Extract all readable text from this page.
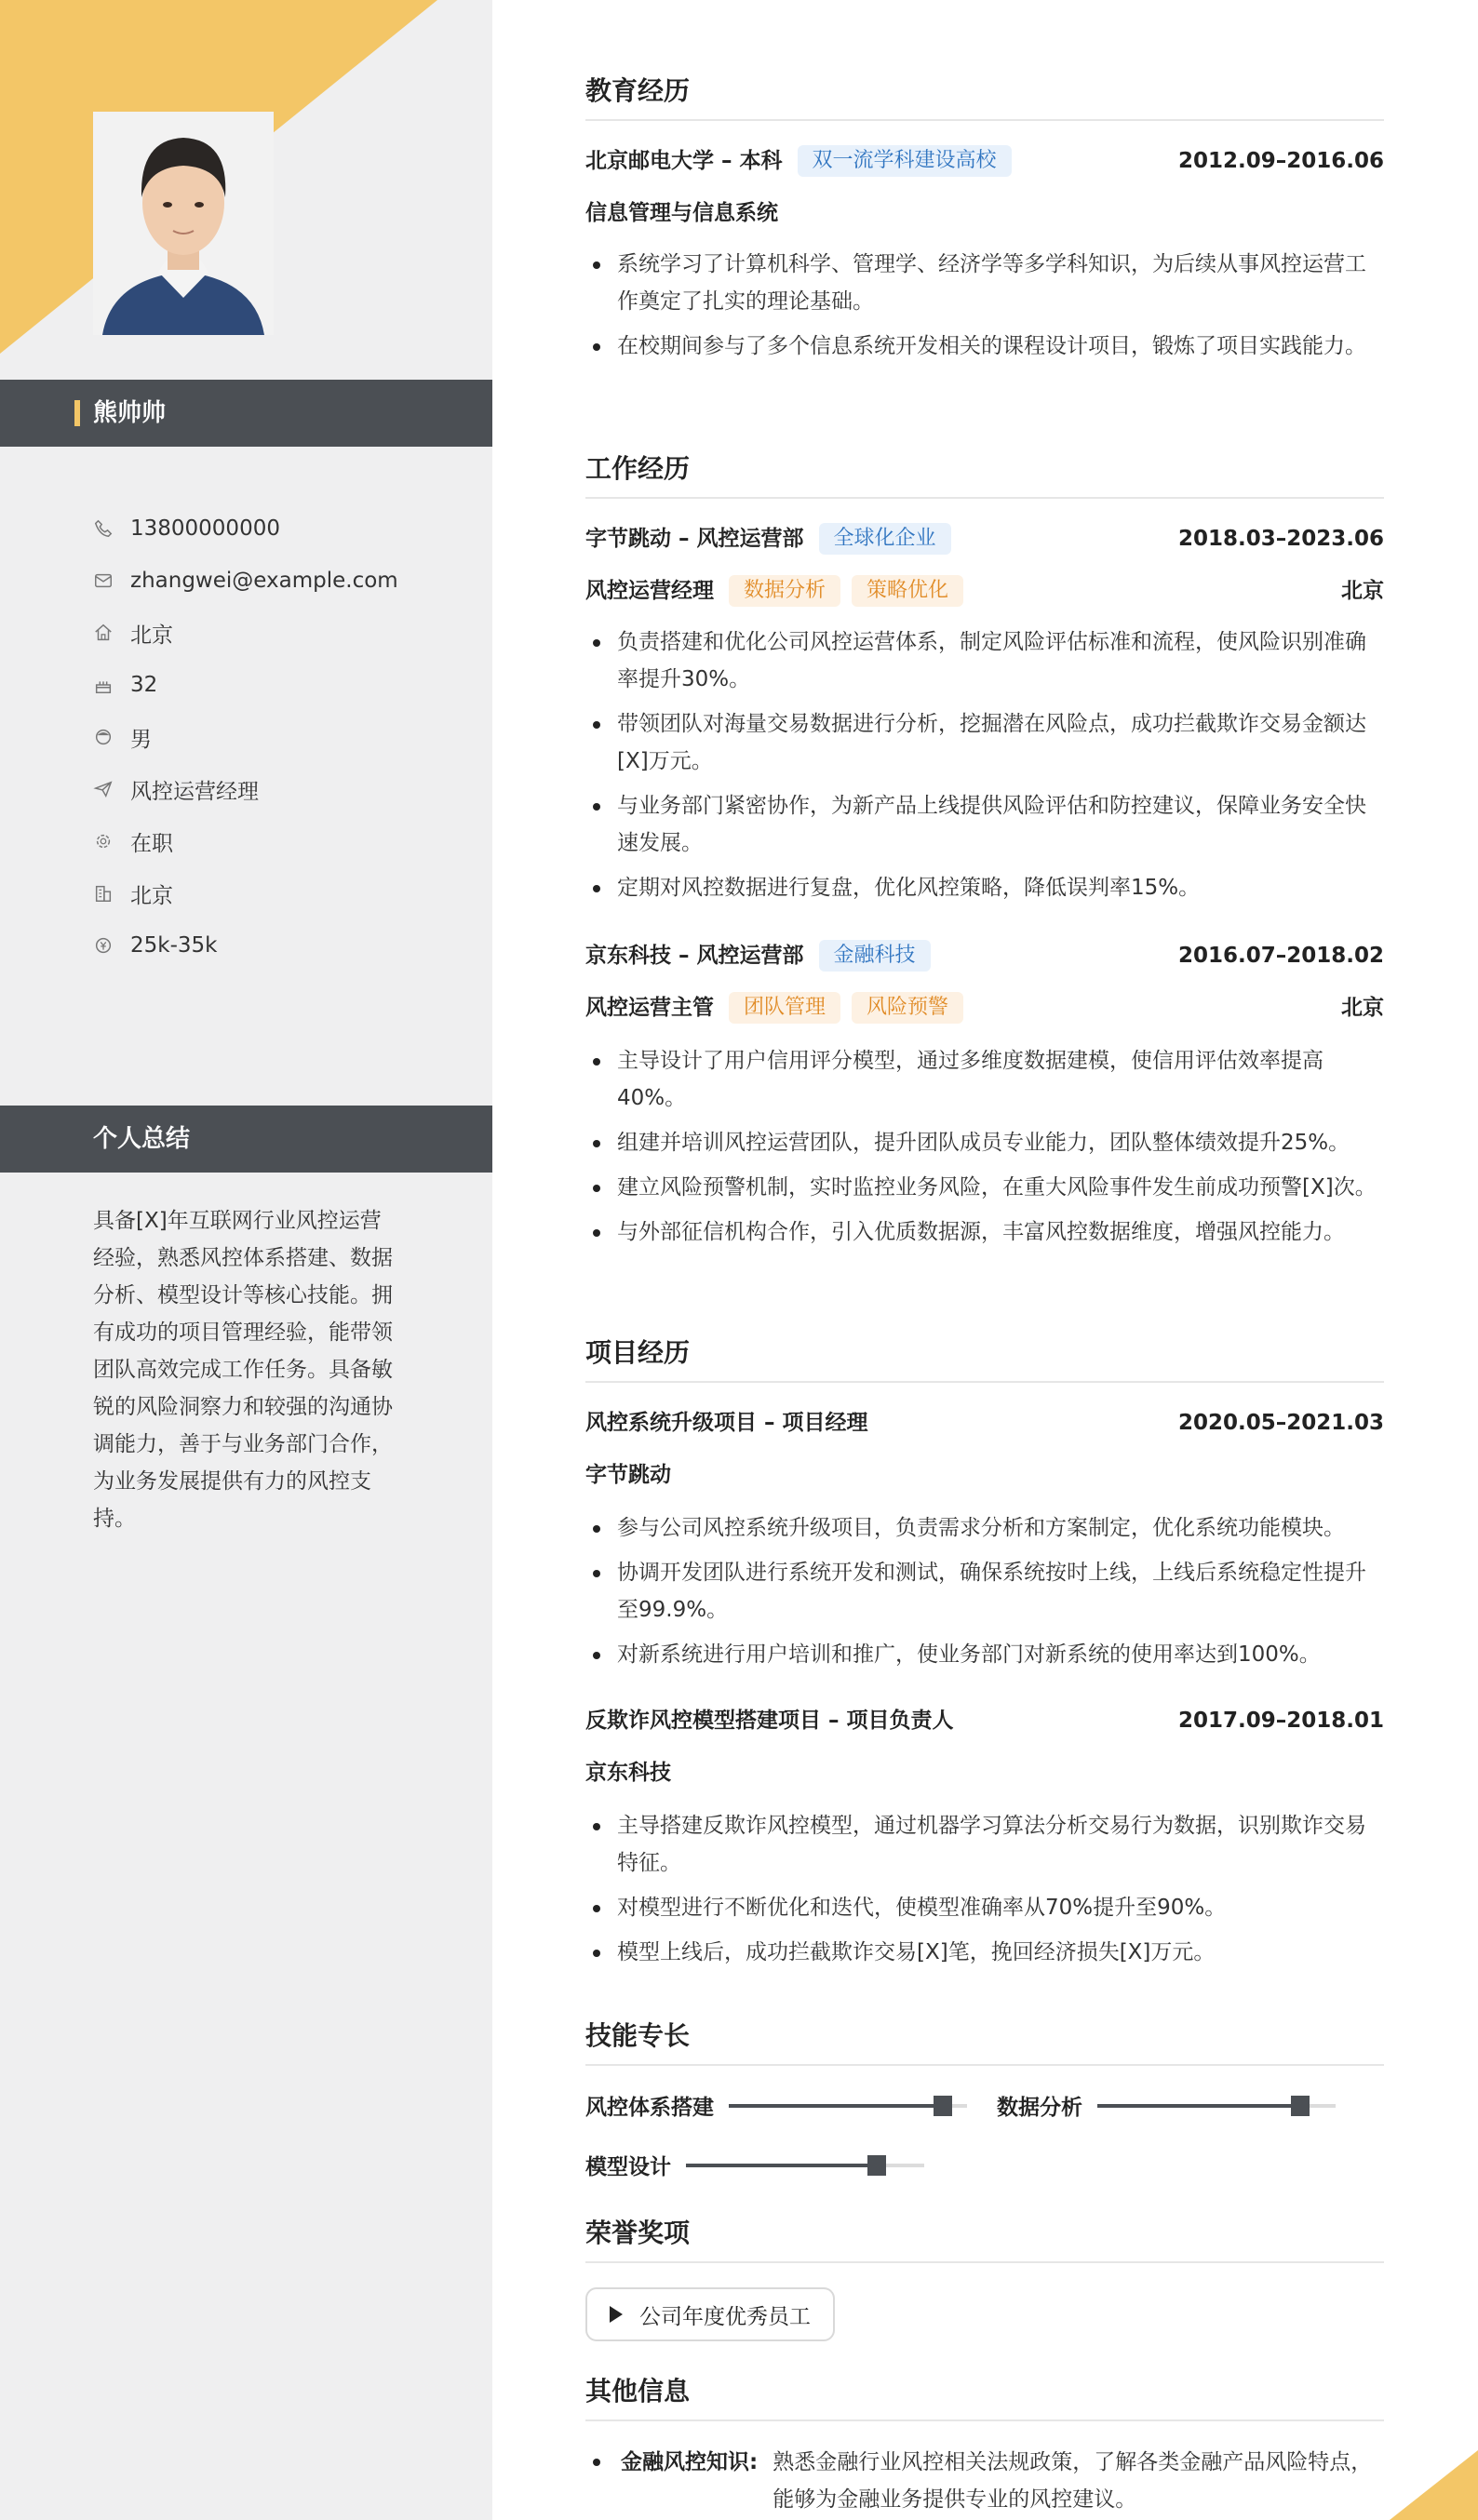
熊帅帅
13800000000
zhangwei@example.com
北京
32
男
风控运营经理
在职
北京
25k-35k
个人总结
具备[X]年互联网行业风控运营经验，熟悉风控体系搭建、数据分析、模型设计等核心技能。拥有成功的项目管理经验，能带领团队高效完成工作任务。具备敏锐的风险洞察力和较强的沟通协调能力，善于与业务部门合作，为业务发展提供有力的风控支持。
教育经历
北京邮电大学 – 本科	双一流学科建设高校	2012.09–2016.06
信息管理与信息系统
系统学习了计算机科学、管理学、经济学等多学科知识，为后续从事风控运营工作奠定了扎实的理论基础。
在校期间参与了多个信息系统开发相关的课程设计项目，锻炼了项目实践能力。
工作经历
字节跳动 – 风控运营部	全球化企业	2018.03–2023.06
风控运营经理	数据分析	策略优化	北京
负责搭建和优化公司风控运营体系，制定风险评估标准和流程，使风险识别准确率提升30%。
带领团队对海量交易数据进行分析，挖掘潜在风险点，成功拦截欺诈交易金额达[X]万元。
与业务部门紧密协作，为新产品上线提供风险评估和防控建议，保障业务安全快速发展。
定期对风控数据进行复盘，优化风控策略，降低误判率15%。
京东科技 – 风控运营部	金融科技	2016.07–2018.02
风控运营主管	团队管理	风险预警	北京
主导设计了用户信用评分模型，通过多维度数据建模，使信用评估效率提高40%。
组建并培训风控运营团队，提升团队成员专业能力，团队整体绩效提升25%。
建立风险预警机制，实时监控业务风险，在重大风险事件发生前成功预警[X]次。
与外部征信机构合作，引入优质数据源，丰富风控数据维度，增强风控能力。
项目经历
风控系统升级项目 – 项目经理	2020.05–2021.03
字节跳动
参与公司风控系统升级项目，负责需求分析和方案制定，优化系统功能模块。
协调开发团队进行系统开发和测试，确保系统按时上线，上线后系统稳定性提升至99.9%。
对新系统进行用户培训和推广，使业务部门对新系统的使用率达到100%。
反欺诈风控模型搭建项目 – 项目负责人	2017.09–2018.01
京东科技
主导搭建反欺诈风控模型，通过机器学习算法分析交易行为数据，识别欺诈交易特征。
对模型进行不断优化和迭代，使模型准确率从70%提升至90%。
模型上线后，成功拦截欺诈交易[X]笔，挽回经济损失[X]万元。
技能专长
风控体系搭建	数据分析
模型设计
荣誉奖项
公司年度优秀员工
其他信息
金融风控知识: 熟悉金融行业风控相关法规政策，了解各类金融产品风险特点，能够为金融业务提供专业的风控建议。
